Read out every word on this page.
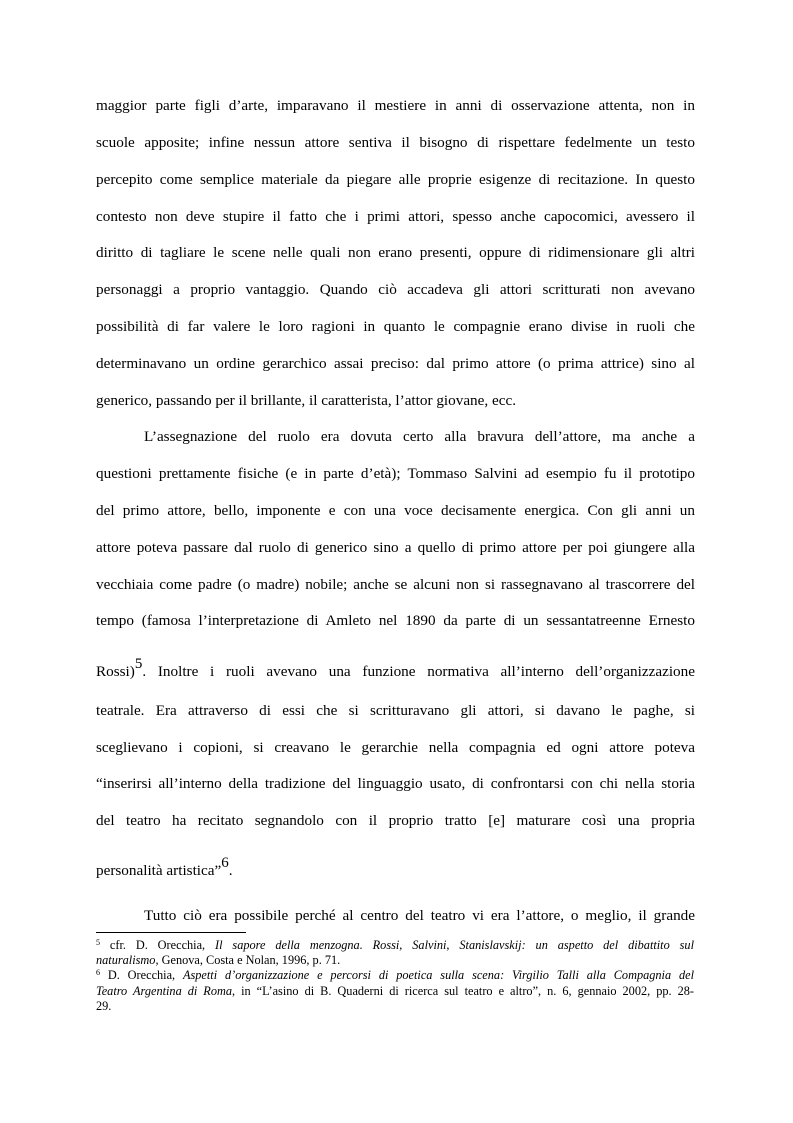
maggior parte figli d’arte, imparavano il mestiere in anni di osservazione attenta, non in
scuole apposite; infine nessun attore sentiva il bisogno di rispettare fedelmente un testo
percepito come semplice materiale da piegare alle proprie esigenze di recitazione. In questo
contesto non deve stupire il fatto che i primi attori, spesso anche capocomici, avessero il
diritto di tagliare le scene nelle quali non erano presenti, oppure di ridimensionare gli altri
personaggi a proprio vantaggio. Quando ciò accadeva gli attori scritturati non avevano
possibilità di far valere le loro ragioni in quanto le compagnie erano divise in ruoli che
determinavano un ordine gerarchico assai preciso: dal primo attore (o prima attrice) sino al
generico, passando per il brillante, il caratterista, l’attor giovane, ecc.
L’assegnazione del ruolo era dovuta certo alla bravura dell’attore, ma anche a
questioni prettamente fisiche (e in parte d’età); Tommaso Salvini ad esempio fu il prototipo
del primo attore, bello, imponente e con una voce decisamente energica. Con gli anni un
attore poteva passare dal ruolo di generico sino a quello di primo attore per poi giungere alla
vecchiaia come padre (o madre) nobile; anche se alcuni non si rassegnavano al trascorrere del
tempo (famosa l’interpretazione di Amleto nel 1890 da parte di un sessantatreenne Ernesto
Rossi)5. Inoltre i ruoli avevano una funzione normativa all’interno dell’organizzazione
teatrale. Era attraverso di essi che si scritturavano gli attori, si davano le paghe, si
sceglievano i copioni, si creavano le gerarchie nella compagnia ed ogni attore poteva
“inserirsi all’interno della tradizione del linguaggio usato, di confrontarsi con chi nella storia
del teatro ha recitato segnandolo con il proprio tratto [e] maturare così una propria
personalità artistica”6.
Tutto ciò era possibile perché al centro del teatro vi era l’attore, o meglio, il grande
$^5$ cfr. D. Orecchia, Il sapore della menzogna. Rossi, Salvini, Stanislavskij: un aspetto del dibattito sul
naturalismo, Genova, Costa e Nolan, 1996, p. 71.
$^6$ D. Orecchia, Aspetti d’organizzazione e percorsi di poetica sulla scena: Virgilio Talli alla Compagnia del
Teatro Argentina di Roma, in “L’asino di B. Quaderni di ricerca sul teatro e altro”, n. 6, gennaio 2002, pp. 28-
29.
